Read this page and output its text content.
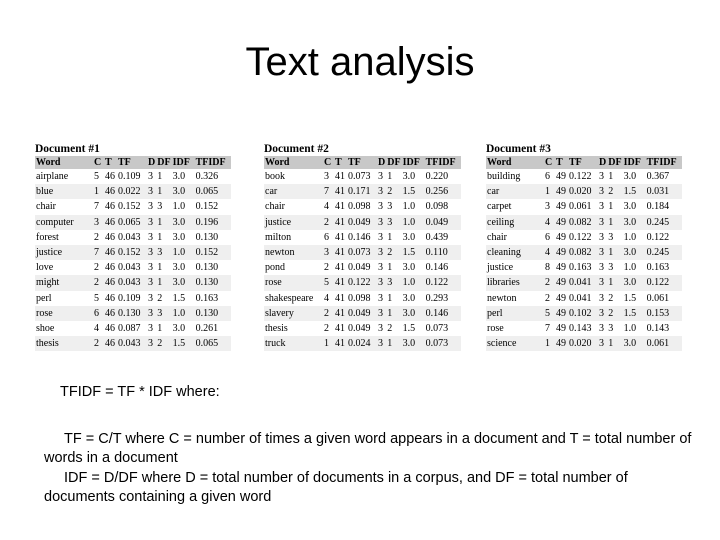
Text analysis
Document #1
Word	C	T	TF	D	DF	IDF	TFIDF
airplane	5	46	0.109	3	1	3.0	0.326
blue	1	46	0.022	3	1	3.0	0.065
chair	7	46	0.152	3	3	1.0	0.152
computer	3	46	0.065	3	1	3.0	0.196
forest	2	46	0.043	3	1	3.0	0.130
justice	7	46	0.152	3	3	1.0	0.152
love	2	46	0.043	3	1	3.0	0.130
might	2	46	0.043	3	1	3.0	0.130
perl	5	46	0.109	3	2	1.5	0.163
rose	6	46	0.130	3	3	1.0	0.130
shoe	4	46	0.087	3	1	3.0	0.261
thesis	2	46	0.043	3	2	1.5	0.065
Document #2
Word	C	T	TF	D	DF	IDF	TFIDF
book	3	41	0.073	3	1	3.0	0.220
car	7	41	0.171	3	2	1.5	0.256
chair	4	41	0.098	3	3	1.0	0.098
justice	2	41	0.049	3	3	1.0	0.049
milton	6	41	0.146	3	1	3.0	0.439
newton	3	41	0.073	3	2	1.5	0.110
pond	2	41	0.049	3	1	3.0	0.146
rose	5	41	0.122	3	3	1.0	0.122
shakespeare	4	41	0.098	3	1	3.0	0.293
slavery	2	41	0.049	3	1	3.0	0.146
thesis	2	41	0.049	3	2	1.5	0.073
truck	1	41	0.024	3	1	3.0	0.073
Document #3
Word	C	T	TF	D	DF	IDF	TFIDF
building	6	49	0.122	3	1	3.0	0.367
car	1	49	0.020	3	2	1.5	0.031
carpet	3	49	0.061	3	1	3.0	0.184
ceiling	4	49	0.082	3	1	3.0	0.245
chair	6	49	0.122	3	3	1.0	0.122
cleaning	4	49	0.082	3	1	3.0	0.245
justice	8	49	0.163	3	3	1.0	0.163
libraries	2	49	0.041	3	1	3.0	0.122
newton	2	49	0.041	3	2	1.5	0.061
perl	5	49	0.102	3	2	1.5	0.153
rose	7	49	0.143	3	3	1.0	0.143
science	1	49	0.020	3	1	3.0	0.061
TFIDF = TF * IDF where:
TF = C/T where C = number of times a given word appears in a document and T = total number of words in a document
IDF = D/DF where D = total number of documents in a corpus, and DF = total number of documents containing a given word
